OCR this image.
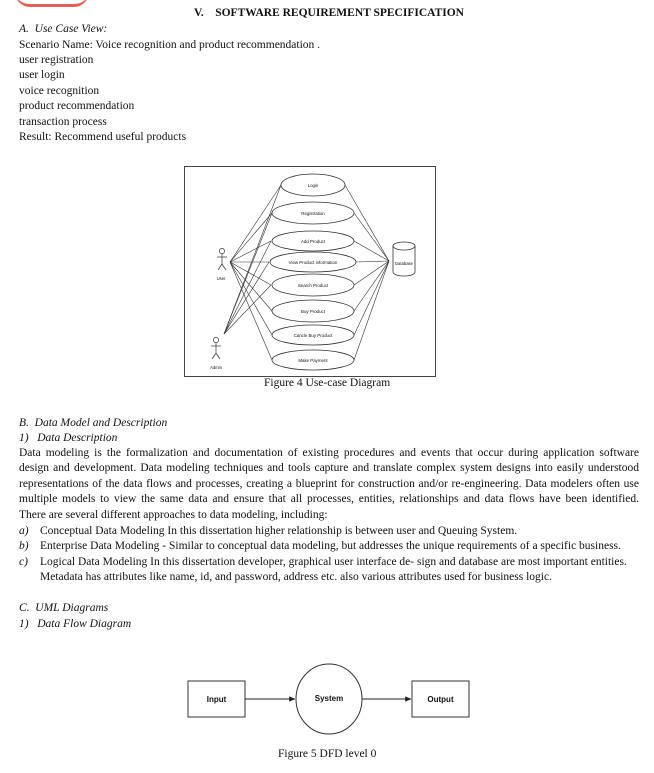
V. SOFTWARE REQUIREMENT SPECIFICATION
A. Use Case View:
Scenario Name: Voice recognition and product recommendation .
user registration
user login
voice recognition
product recommendation
transaction process
Result: Recommend useful products
Login
Registration
Add Product
View Product information
Search Product
Buy Product
Cancle Buy Product
Make Payment
User
Admin
Database
Figure 4 Use-case Diagram
B. Data Model and Description
1) Data Description
Data modeling is the formalization and documentation of existing procedures and events that occur during application software
design and development. Data modeling techniques and tools capture and translate complex system designs into easily understood
representations of the data flows and processes, creating a blueprint for construction and/or re-engineering. Data modelers often use
multiple models to view the same data and ensure that all processes, entities, relationships and data flows have been identified.
There are several different approaches to data modeling, including:
a) Conceptual Data Modeling In this dissertation higher relationship is between user and Queuing System.
b) Enterprise Data Modeling - Similar to conceptual data modeling, but addresses the unique requirements of a specific business.
c) Logical Data Modeling In this dissertation developer, graphical user interface de- sign and database are most important entities.
Metadata has attributes like name, id, and password, address etc. also various attributes used for business logic.
C. UML Diagrams
1) Data Flow Diagram
Input	System	Output
Figure 5 DFD level 0
